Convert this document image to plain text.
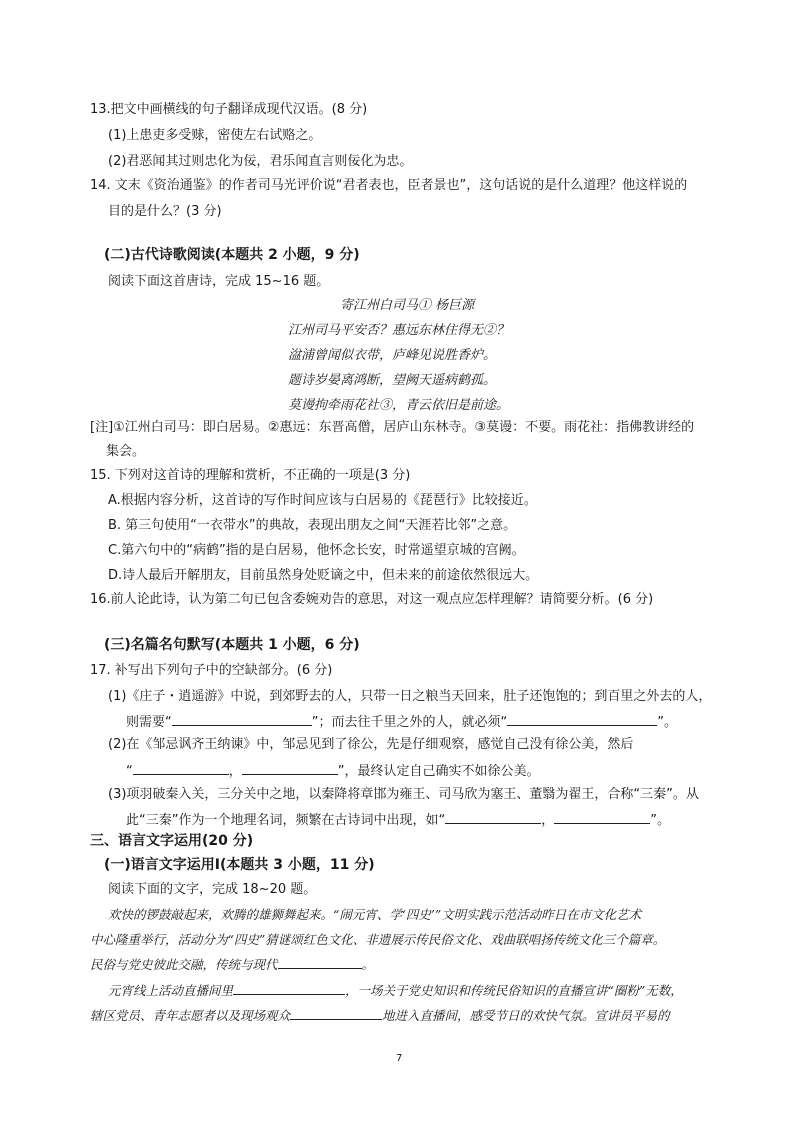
13.把文中画横线的句子翻译成现代汉语。(8 分)
(1)上患吏多受赇，密使左右试赂之。
(2)君恶闻其过则忠化为佞，君乐闻直言则佞化为忠。
14. 文末《资治通鉴》的作者司马光评价说“君者表也，臣者景也”，这句话说的是什么道理？他这样说的
目的是什么？(3 分)
(二)古代诗歌阅读(本题共 2 小题，9 分)
阅读下面这首唐诗，完成 15~16 题。
寄江州白司马① 杨巨源
江州司马平安否？惠远东林住得无②？
湓浦曾闻似衣带，庐峰见说胜香炉。
题诗岁晏离鸿断，望阙天遥病鹤孤。
莫谩拘牵雨花社③，青云依旧是前途。
[注]①江州白司马：即白居易。②惠远：东晋高僧，居庐山东林寺。③莫谩：不要。雨花社：指佛教讲经的
集会。
15. 下列对这首诗的理解和赏析，不正确的一项是(3 分)
A.根据内容分析，这首诗的写作时间应该与白居易的《琵琶行》比较接近。
B. 第三句使用“一衣带水”的典故，表现出朋友之间“天涯若比邻”之意。
C.第六句中的“病鹤”指的是白居易，他怀念长安，时常遥望京城的宫阙。
D.诗人最后开解朋友，目前虽然身处贬谪之中，但未来的前途依然很远大。
16.前人论此诗，认为第二句已包含委婉劝告的意思，对这一观点应怎样理解？请简要分析。(6 分)
(三)名篇名句默写(本题共 1 小题，6 分)
17. 补写出下列句子中的空缺部分。(6 分)
(1)《庄子・逍遥游》中说，到郊野去的人，只带一日之粮当天回来，肚子还饱饱的；到百里之外去的人，
则需要“	”；而去往千里之外的人，就必须“	”。
(2)在《邹忌讽齐王纳谏》中，邹忌见到了徐公，先是仔细观察，感觉自己没有徐公美，然后
“	，	”，最终认定自己确实不如徐公美。
(3)项羽破秦入关，三分关中之地，以秦降将章邯为雍王、司马欣为塞王、董翳为翟王，合称“三秦”。从
此“三秦”作为一个地理名词，频繁在古诗词中出现，如“	，	”。
三、语言文字运用(20 分)
(一)语言文字运用Ⅰ(本题共 3 小题，11 分)
阅读下面的文字，完成 18~20 题。
欢快的锣鼓敲起来，欢腾的雄狮舞起来。“闹元宵、学‘四史’”文明实践示范活动昨日在市文化艺术
中心隆重举行，活动分为“四史”猜谜颂红色文化、非遗展示传民俗文化、戏曲联唱扬传统文化三个篇章。
民俗与党史彼此交融，传统与现代	。
元宵线上活动直播间里	，一场关于党史知识和传统民俗知识的直播宣讲“圈粉”无数，
辖区党员、青年志愿者以及现场观众	地进入直播间，感受节日的欢快气氛。宣讲员平易的
7
